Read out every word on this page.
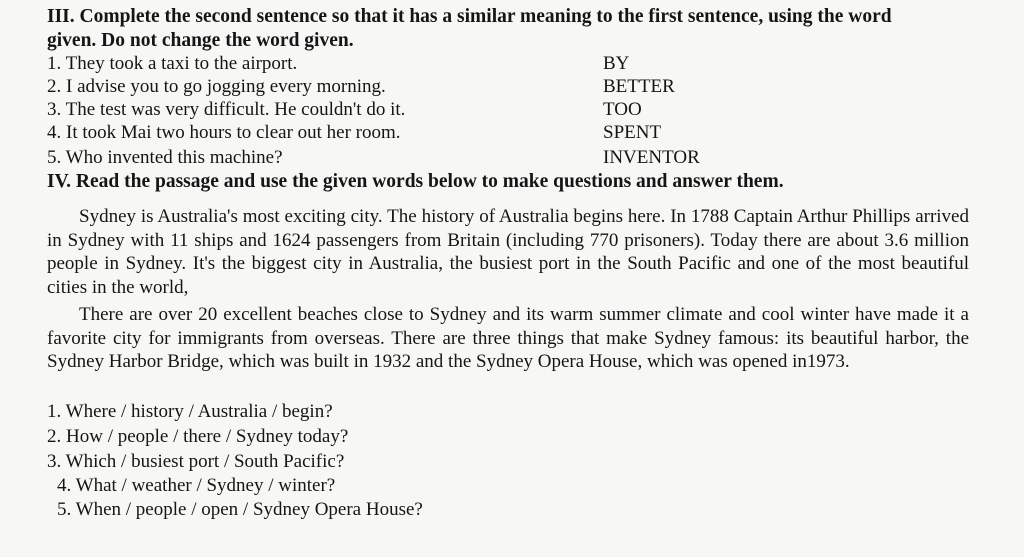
III. Complete the second sentence so that it has a similar meaning to the first sentence, using the word
given. Do not change the word given.
1. They took a taxi to the airport.	BY
2. I advise you to go jogging every morning.	BETTER
3. The test was very difficult. He couldn't do it.	TOO
4. It took Mai two hours to clear out her room.	SPENT
5. Who invented this machine?	INVENTOR
IV. Read the passage and use the given words below to make questions and answer them.

Sydney is Australia's most exciting city. The history of Australia begins here. In 1788 Captain Arthur Phillips arrived in Sydney with 11 ships and 1624 passengers from Britain (including 770 prisoners). Today there are about 3.6 million people in Sydney. It's the biggest city in Australia, the busiest port in the South Pacific and one of the most beautiful cities in the world,

There are over 20 excellent beaches close to Sydney and its warm summer climate and cool winter have made it a favorite city for immigrants from overseas. There are three things that make Sydney famous: its beautiful harbor, the Sydney Harbor Bridge, which was built in 1932 and the Sydney Opera House, which was opened in1973.

1. Where / history / Australia / begin?
2. How / people / there / Sydney today?
3. Which / busiest port / South Pacific?
4. What / weather / Sydney / winter?
5. When / people / open / Sydney Opera House?
